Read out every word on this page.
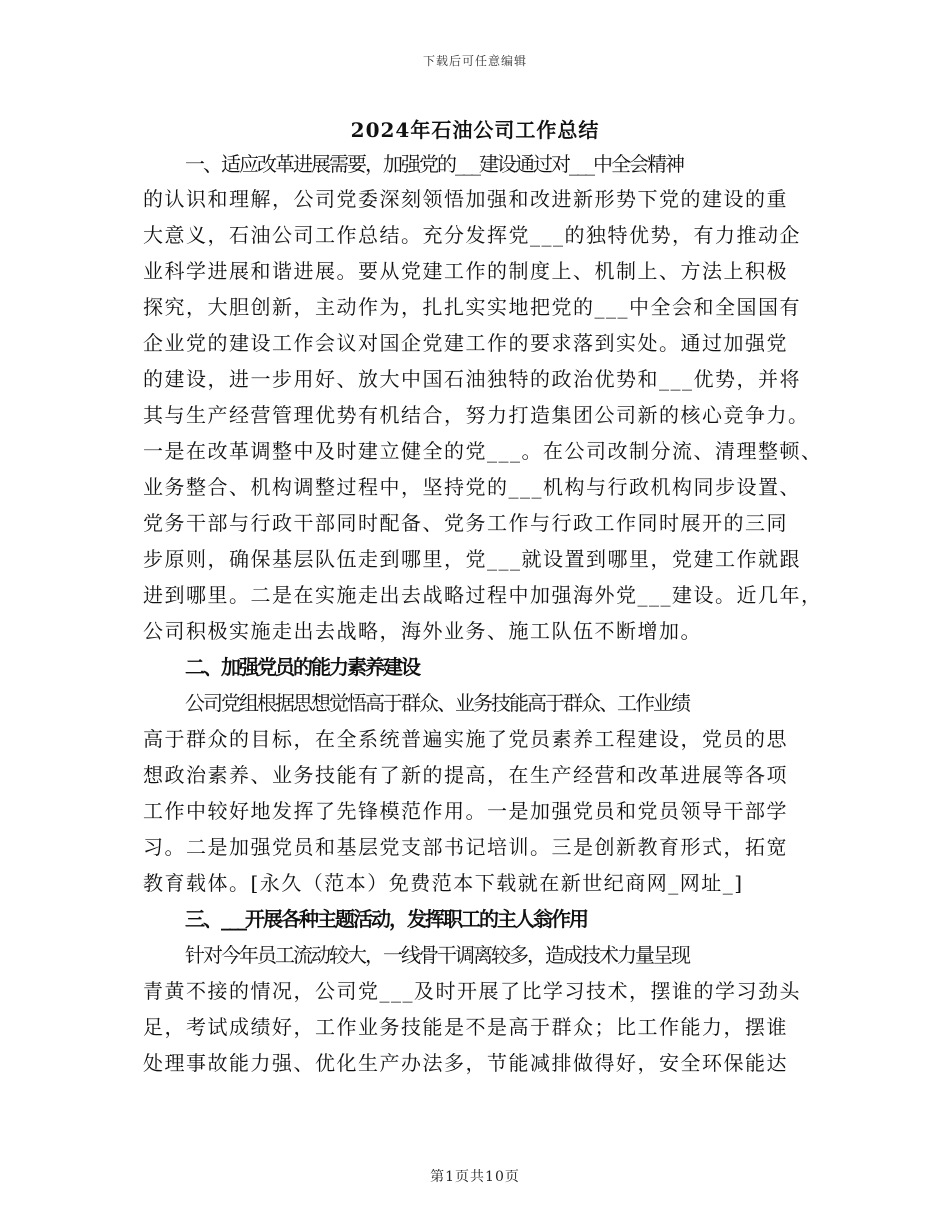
下载后可任意编辑
2024年石油公司工作总结
一、适应改革进展需要，加强党的___建设通过对___中全会精神
的认识和理解，公司党委深刻领悟加强和改进新形势下党的建设的重
大意义，石油公司工作总结。充分发挥党___的独特优势，有力推动企
业科学进展和谐进展。要从党建工作的制度上、机制上、方法上积极
探究，大胆创新，主动作为，扎扎实实地把党的___中全会和全国国有
企业党的建设工作会议对国企党建工作的要求落到实处。通过加强党
的建设，进一步用好、放大中国石油独特的政治优势和___优势，并将
其与生产经营管理优势有机结合，努力打造集团公司新的核心竞争力。
一是在改革调整中及时建立健全的党___。在公司改制分流、清理整顿、
业务整合、机构调整过程中，坚持党的___机构与行政机构同步设置、
党务干部与行政干部同时配备、党务工作与行政工作同时展开的三同
步原则，确保基层队伍走到哪里，党___就设置到哪里，党建工作就跟
进到哪里。二是在实施走出去战略过程中加强海外党___建设。近几年，
公司积极实施走出去战略，海外业务、施工队伍不断增加。
二、加强党员的能力素养建设
公司党组根据思想觉悟高于群众、业务技能高于群众、工作业绩
高于群众的目标，在全系统普遍实施了党员素养工程建设，党员的思
想政治素养、业务技能有了新的提高，在生产经营和改革进展等各项
工作中较好地发挥了先锋模范作用。一是加强党员和党员领导干部学
习。二是加强党员和基层党支部书记培训。三是创新教育形式，拓宽
教育载体。[永久（范本）免费范本下载就在新世纪商网_网址_]
三、___开展各种主题活动，发挥职工的主人翁作用
针对今年员工流动较大，一线骨干调离较多，造成技术力量呈现
青黄不接的情况，公司党___及时开展了比学习技术，摆谁的学习劲头
足，考试成绩好，工作业务技能是不是高于群众；比工作能力，摆谁
处理事故能力强、优化生产办法多，节能减排做得好，安全环保能达
第1页共10页
